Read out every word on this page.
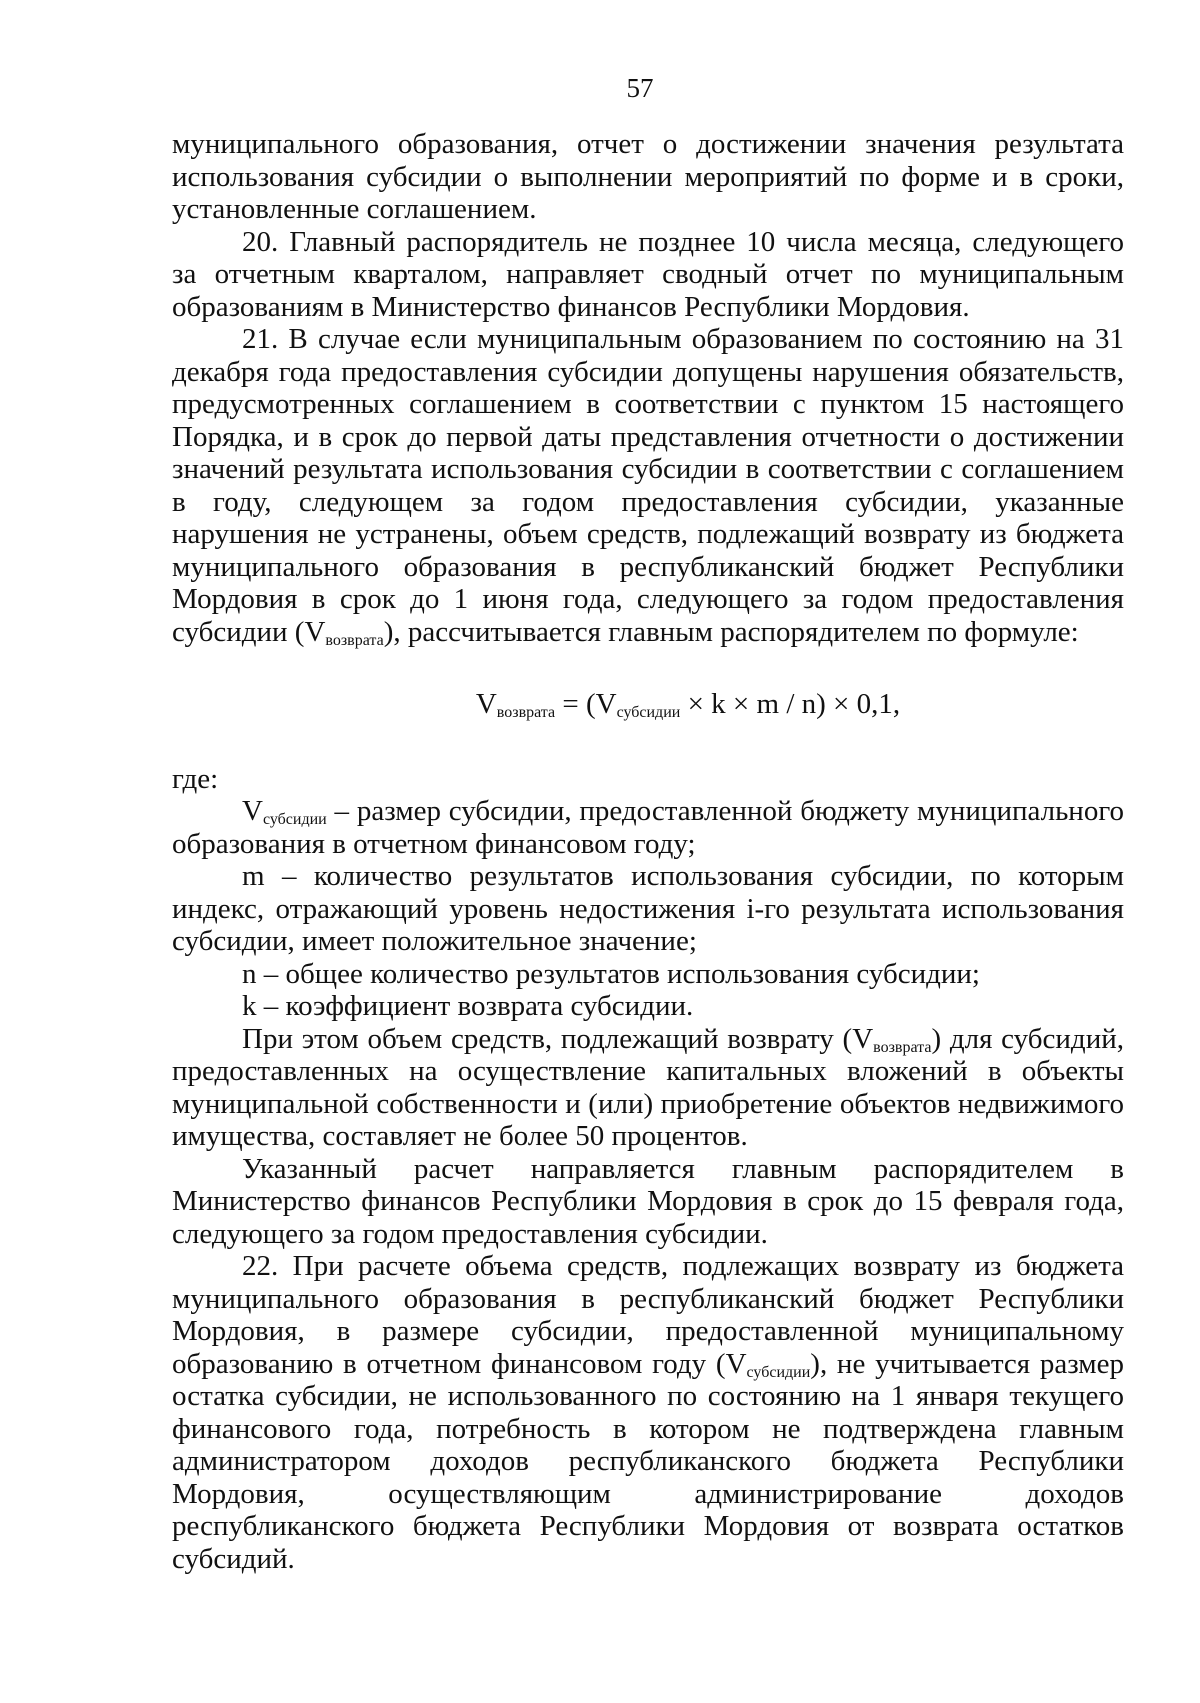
57

муниципального образования, отчет о достижении значения результата использования субсидии о выполнении мероприятий по форме и в сроки, установленные соглашением.

20. Главный распорядитель не позднее 10 числа месяца, следующего за отчетным кварталом, направляет сводный отчет по муниципальным образованиям в Министерство финансов Республики Мордовия.

21. В случае если муниципальным образованием по состоянию на 31 декабря года предоставления субсидии допущены нарушения обязательств, предусмотренных соглашением в соответствии с пунктом 15 настоящего Порядка, и в срок до первой даты представления отчетности о достижении значений результата использования субсидии в соответствии с соглашением в году, следующем за годом предоставления субсидии, указанные нарушения не устранены, объем средств, подлежащий возврату из бюджета муниципального образования в республиканский бюджет Республики Мордовия в срок до 1 июня года, следующего за годом предоставления субсидии $(V_{возврата})$, рассчитывается главным распорядителем по формуле:

$V_{возврата} = (V_{субсидии} \times k \times m / n) \times 0,1$,

где:

$V_{субсидии}$ – размер субсидии, предоставленной бюджету муниципального образования в отчетном финансовом году;

m – количество результатов использования субсидии, по которым индекс, отражающий уровень недостижения i-го результата использования субсидии, имеет положительное значение;

n – общее количество результатов использования субсидии;

k – коэффициент возврата субсидии.

При этом объем средств, подлежащий возврату $(V_{возврата})$ для субсидий, предоставленных на осуществление капитальных вложений в объекты муниципальной собственности и (или) приобретение объектов недвижимого имущества, составляет не более 50 процентов.

Указанный расчет направляется главным распорядителем в Министерство финансов Республики Мордовия в срок до 15 февраля года, следующего за годом предоставления субсидии.

22. При расчете объема средств, подлежащих возврату из бюджета муниципального образования в республиканский бюджет Республики Мордовия, в размере субсидии, предоставленной муниципальному образованию в отчетном финансовом году $(V_{субсидии})$, не учитывается размер остатка субсидии, не использованного по состоянию на 1 января текущего финансового года, потребность в котором не подтверждена главным администратором доходов республиканского бюджета Республики Мордовия, осуществляющим администрирование доходов республиканского бюджета Республики Мордовия от возврата остатков субсидий.
